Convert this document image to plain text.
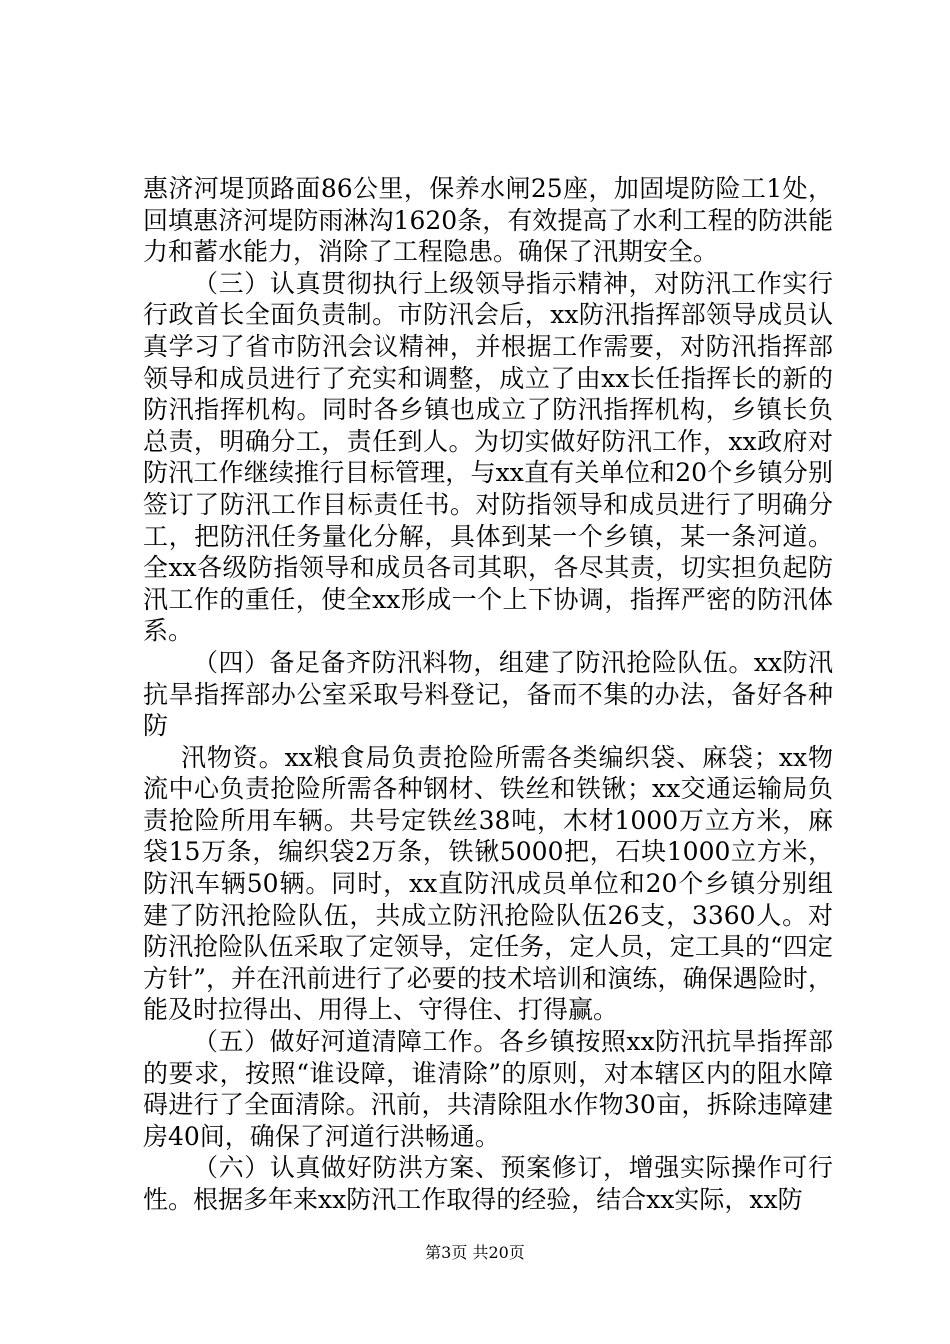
惠济河堤顶路面86公里，保养水闸25座，加固堤防险工1处，回填惠济河堤防雨淋沟1620条，有效提高了水利工程的防洪能力和蓄水能力，消除了工程隐患。确保了汛期安全。

（三）认真贯彻执行上级领导指示精神，对防汛工作实行行政首长全面负责制。市防汛会后，xx防汛指挥部领导成员认真学习了省市防汛会议精神，并根据工作需要，对防汛指挥部领导和成员进行了充实和调整，成立了由xx长任指挥长的新的防汛指挥机构。同时各乡镇也成立了防汛指挥机构，乡镇长负总责，明确分工，责任到人。为切实做好防汛工作，xx政府对防汛工作继续推行目标管理，与xx直有关单位和20个乡镇分别签订了防汛工作目标责任书。对防指领导和成员进行了明确分工，把防汛任务量化分解，具体到某一个乡镇，某一条河道。全xx各级防指领导和成员各司其职，各尽其责，切实担负起防汛工作的重任，使全xx形成一个上下协调，指挥严密的防汛体系。

（四）备足备齐防汛料物，组建了防汛抢险队伍。xx防汛抗旱指挥部办公室采取号料登记，备而不集的办法，备好各种防

汛物资。xx粮食局负责抢险所需各类编织袋、麻袋；xx物流中心负责抢险所需各种钢材、铁丝和铁锹；xx交通运输局负责抢险所用车辆。共号定铁丝38吨，木材1000万立方米，麻袋15万条，编织袋2万条，铁锹5000把，石块1000立方米，防汛车辆50辆。同时，xx直防汛成员单位和20个乡镇分别组建了防汛抢险队伍，共成立防汛抢险队伍26支，3360人。对防汛抢险队伍采取了定领导，定任务，定人员，定工具的“四定方针”，并在汛前进行了必要的技术培训和演练，确保遇险时，能及时拉得出、用得上、守得住、打得赢。

（五）做好河道清障工作。各乡镇按照xx防汛抗旱指挥部的要求，按照“谁设障，谁清除”的原则，对本辖区内的阻水障碍进行了全面清除。汛前，共清除阻水作物30亩，拆除违障建房40间，确保了河道行洪畅通。

（六）认真做好防洪方案、预案修订，增强实际操作可行性。根据多年来xx防汛工作取得的经验，结合xx实际，xx防

第3页 共20页
